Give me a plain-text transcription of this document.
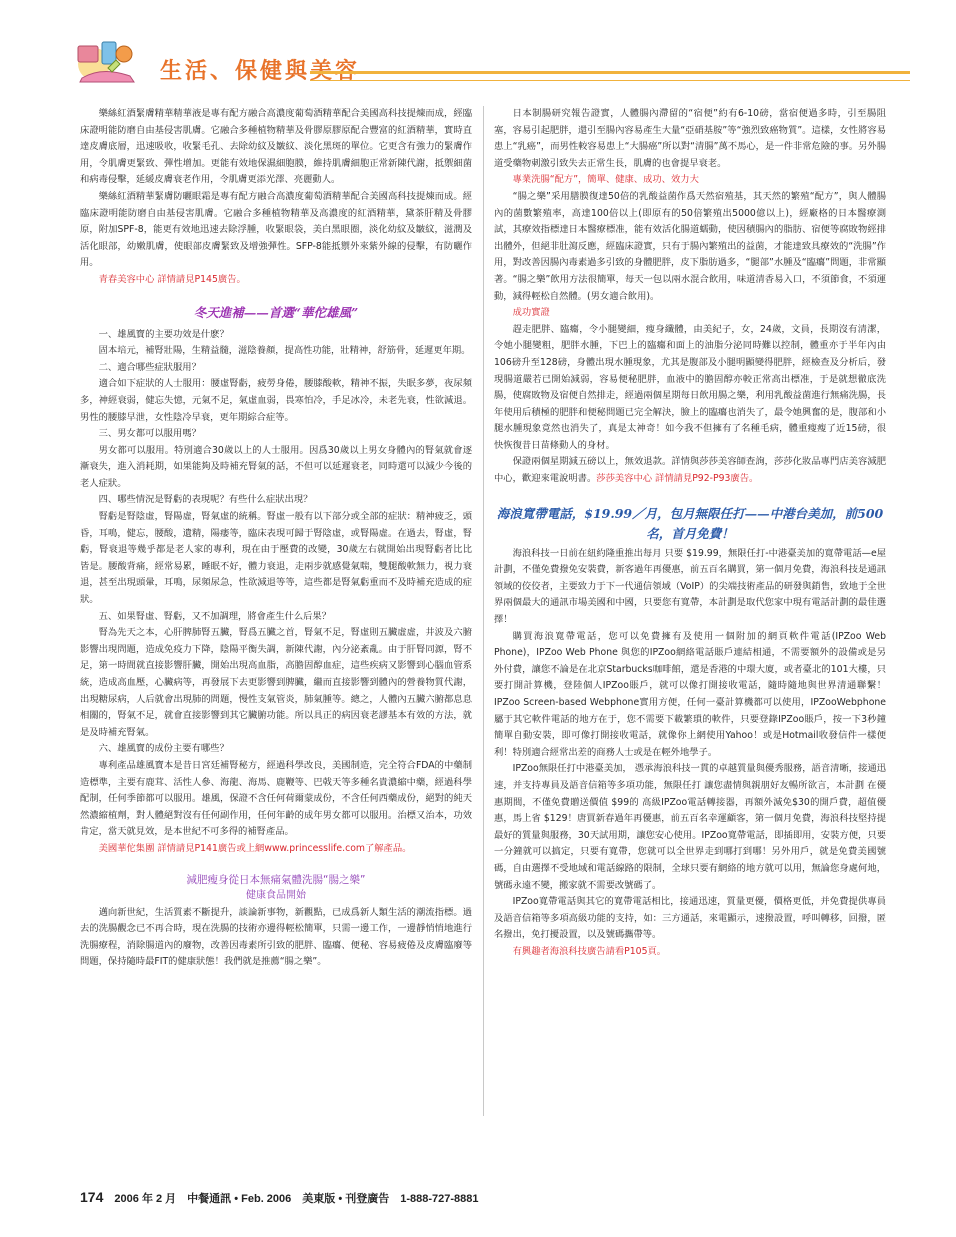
生活、保健與美容

樂絲紅酒緊膚精華精華液是專有配方融合高濃度葡萄酒精華配合美國高科技提煉而成，經臨床證明能防磨自由基侵害肌膚。它融合多種植物精華及骨膠原膠原配合豐富的紅酒精華，實時直達皮膚底層，迅速吸收，收緊毛孔、去除幼紋及皺紋、淡化黑斑的單位。它更含有強力的緊膚作用，令肌膚更緊致、彈性增加。更能有效地保濕細胞膜，維持肌膚細胞正常新陳代謝，抵禦細菌和病毒侵擊，延緩皮膚衰老作用，令肌膚更添光澤、亮麗動人。

樂絲紅酒精華緊膚防曬眼霜是專有配方融合高濃度葡萄酒精華配合美國高科技提煉而成。經臨床證明能防磨自由基侵害肌膚。它融合多種植物精華及高濃度的紅酒精華，黛茶肝精及骨膠原，附加SPF-8，能更有效地迅速去除浮腫，收緊眼袋，美白黑眼圈，淡化幼紋及皺紋，滋潤及活化眼部，幼嫩肌膚，使眼部皮膚緊致及增強彈性。SFP-8能抵禦外來紫外線的侵擊，有防曬作用。

青春美容中心 詳情請見P145廣告。

冬天進補——首選“華佗雄風”

一、雄風寶的主要功效是什麽？

固本培元，補腎壯陽，生精益髓，滋陰養顏，提高性功能，壯精神，舒筋骨，延遲更年期。

二、適合哪些症狀服用？

適合如下症狀的人士服用：腰虛腎虧，疲勞身倦，腰膝酸軟，精神不振，失眠多夢，夜尿頻多，神經衰弱，健忘失憶，元氣不足，氣虛血弱，畏寒怕冷，手足冰冷，未老先衰，性欲減退。男性的腰膝早泄，女性陰冷早衰，更年期綜合症等。

三、男女都可以服用嗎？

男女都可以服用。特別適合30歲以上的人士服用。因爲30歲以上男女身體內的腎氣就會逐漸衰失，進入消耗期，如果能夠及時補充腎氣的話，不但可以延遲衰老，同時還可以減少今後的老人症狀。

四、哪些情況是腎虧的表現呢？有些什么症狀出現？

腎虧是腎陰虛，腎陽虛，腎氣虛的統稱。腎虛一般有以下部分或全部的症狀：精神疲乏，頭昏，耳鳴，健忘，腰酸，遺精，陽痿等，臨床表現可歸于腎陰虛，或腎陽虛。在過去，腎虛，腎虧，腎衰退等幾乎都是老人家的專利，現在由于壓費的改變，30歲左右就開始出現腎虧者比比皆是。腰酸背痛，經常易累，睡眠不好，體力衰退，走兩步就感覺氣喘，雙腿酸軟無力，視力衰退，甚至出現頭暈，耳鳴，尿頻尿急，性欲減退等等，這些都是腎氣虧重而不及時補充造成的症狀。

五、如果腎虛、腎虧，又不加調理，將會產生什么后果？

腎為先天之本，心肝脾肺腎五臟，腎爲五臟之首，腎氣不足，腎虛則五臟虛虛，井波及六腑影響出現問題，造成免疫力下降，陰陽平衡失調，新陳代謝，內分泌紊亂。由于肝腎同源，腎不足，第一時間就直接影響肝臟，開始出現高血脂，高膽固醇血症，這些疾病又影響到心腦血管系統，造成高血壓，心臟病等，再發展下去更影響到脾臟，繼而直接影響到體內的營養物質代謝，出現糖尿病，人后就會出現肺的問題，慢性支氣管炎，肺氣腫等。總之，人體內五臟六腑都息息相關的，腎氣不足，就會直接影響到其它臟腑功能。所以具正的病因衰老謬基本有效的方法，就是及時補充腎氣。

六、雄風寶的成份主要有哪些？

專利產品雄風寶本是昔日宮廷補腎秘方，經過科學改良，美國制造，完全符合FDA的中藥制造標準，主要有鹿茸、活性人參、海龍、海馬、鹿鞭等、巴戟天等多種名貴濃縮中藥，經過科學配制，任何季節都可以服用。雄風，保證不含任何荷爾蒙成份，不含任何西藥成份，絕對的純天然濃縮植劑，對人體絕對沒有任何副作用，任何年齡的成年男女都可以服用。治標又治本，功效肯定，當天就見效，是本世紀不可多得的補腎產品。

美國華佗集團 詳情請見P141廣告或上網www.princesslife.com了解產品。

減肥瘦身從日本無痛氣體洗腸“腸之樂”
健康食品開始

邁向新世紀，生活質素不斷提升，談論新事物，新觀點，已成爲新人類生活的潮流指標。過去的洗腸觀念已不再合時，現在洗腸的技術亦邊得輕松簡單，只需一邊工作，一邊靜悄悄地進行洗腸療程，消除腸道內的廢物，改善因毒素所引致的肥胖、臨癟、便秘、容易疲倦及皮膚臨廢等問題，保持隨時最FIT的健康狀態！我們就是推薦“腸之樂”。

日本制腸研究報告證實，人體腸內滯留的“宿便”約有6-10磅，當宿便過多時，引至腸阻塞，容易引起肥胖，還引至腸內容易產生大量“亞硝基胺”等“強烈致癌物質”。這樣，女性將容易患上“乳癌”，而男性較容易患上“大腸癌”所以對“清腸”萬不馬心，是一件非常危險的事。另外腸道受藥物刺激引致失去正常生長，肌膚的也會提早衰老。

專業洗腸“配方”，簡單、健康、成功、效力大

“腸之樂”采用膳膜復達50倍的乳酸益菌作爲天然宿殖基，其天然的繁殖“配方”，與人體腸內的菌數繁殖率，高達100倍以上(即原有的50倍繁殖出5000億以上)，經廠格的日本醫療測試，其療效指標達日本醫療標准，能有效活化腸道蠕動，使因積腸內的脂肪、宿便等腐敗物經排出體外，但絕非肚瀉反應，經臨床證實，只有于腸內繁殖出的益菌，才能達致具療效的“洗腸”作用，對改善因腸內毒素過多引致的身體肥胖，皮下脂肪過多，“腿部”水腫及“臨癟”問題，非常顯著。“腸之樂”飲用方法很簡單，每天一包以兩水混合飲用，味道清香易入口，不須節食，不須運動，減得輕松自然體。(男女適合飲用)。

成功實證

趕走肥胖、臨癟，令小腿變細，瘦身纖體，由美紀子，女，24歲，文員，長期沒有清潔，令她小腿變粗，肥胖水腫，下巴上的臨癟和面上的油脂分泌同時難以控制，體重亦于半年內由106磅升至128磅，身體出現水腫現象，尤其是腹部及小腿明顯變得肥胖，經檢查及分析后，發現腸道嚴若已開始減弱，容易便秘肥胖，血液中的膽固醇亦較正常高出標准，于是就想徹底洗腸，使腐敗物及宿便自然排走，經過兩個星期每日飲用腸之樂，利用乳酸益菌進行無痛洗腸，長年使用后積極的肥胖和便秘問題已完全解決，臉上的臨癟也消失了，最令她興奮的是，腹部和小腿水腫現象竟然也消失了，真是太神奇！如今我不但擁有了名種毛病，體重瘦瘦了近15磅，很快恢復昔日苗條動人的身材。

保證兩個星期減五磅以上，無效退款。詳情與莎莎美容師查詢，莎莎化妝品專門店美容減肥中心，歡迎來電說明書。莎莎美容中心 詳情請見P92-P93廣告。

海浪寬帶電話，$19.99／月，包月無限任打——中港台美加，前500名，首月免費！

海浪科技一日前在紐約隆重推出每月 只要 $19.99，無限任打-中港臺美加的寬帶電話—e屋計劃，不僅免費撥免安裝費，新客過年再優惠，前五百名購買，第一個月免費，海浪科技是通訊領域的佼佼者，主要致力于下一代通信領域（VoIP）的尖端技術產品的研發與銷售，致地于全世界兩個最大的通訊市場美國和中國，只要您有寬帶，本計劃是取代您家中現有電話計劃的最佳選擇！

購買海浪寬帶電話，您可以免費擁有及使用一個附加的網頁軟件電話(IPZoo Web Phone)，IPZoo Web Phone 與您的IPZoo網絡電話賬戶連結相通，不需要額外的設備或是另外付費，讓您不論是在北京Starbucks咖啡館，還是香港的中環大廈，或者臺北的101大樓，只要打開計算機，登陸個人IPZoo賬戶，就可以像打開接收電話，隨時隨地與世界清通聯繫！IPZoo Screen-based Webphone實用方便，任何一臺計算機都可以使用，IPZooWebphone屬于其它軟件電話的地方在于，您不需要下載繁瑣的軟件，只要登錄IPZoo賬戶，按一下3秒鐘簡單自動安裝，即可像打開接收電話，就像你上網使用Yahoo！或是Hotmail收發信件一樣便利！特別適合經常出差的商務人士或是在輕外地學子。

IPZoo無限任打中港臺美加， 憑承海浪科技一貫的卓越質量與優秀服務，語音清晰，接通迅速，并支持專員及語音信箱等多項功能，無限任打 讓您盡情與親朋好友暢所欲言，本計劃 在優惠期間，不僅免費贈送價值 $99的 高級IPZoo電話轉接器，再額外減免$30的開戶費，超值優惠，馬上省 $129！唐買新春過年再優惠，前五百名幸運顧客，第一個月免費，海浪科技堅持提最好的質量與服務，30天試用期，讓您安心使用。IPZoo寬帶電話，即插即用，安裝方便，只要一分鐘就可以搞定，只要有寬帶，您就可以全世界走到哪打到哪！另外用戶，就是免費美國號碼，自由選擇不受地域和電話線路的限制，全球只要有網絡的地方就可以用，無論您身處何地，號碼永遠不變，搬家就不需要改號碼了。

IPZoo寬帶電話與其它的寬帶電話相比，接通迅速，質量更優，價格更低，并免費提供專員及語音信箱等多項高級功能的支持，如：三方通話，來電顯示，速撥設置，呼叫轉移，回撥，匿名撥出，免打擾設置，以及號碼攜帶等。

有興趣者海浪科技廣告請看P105頁。

174 2006 年 2 月　中餐通訊 • Feb. 2006　美東版 • 刊登廣告　1-888-727-8881
